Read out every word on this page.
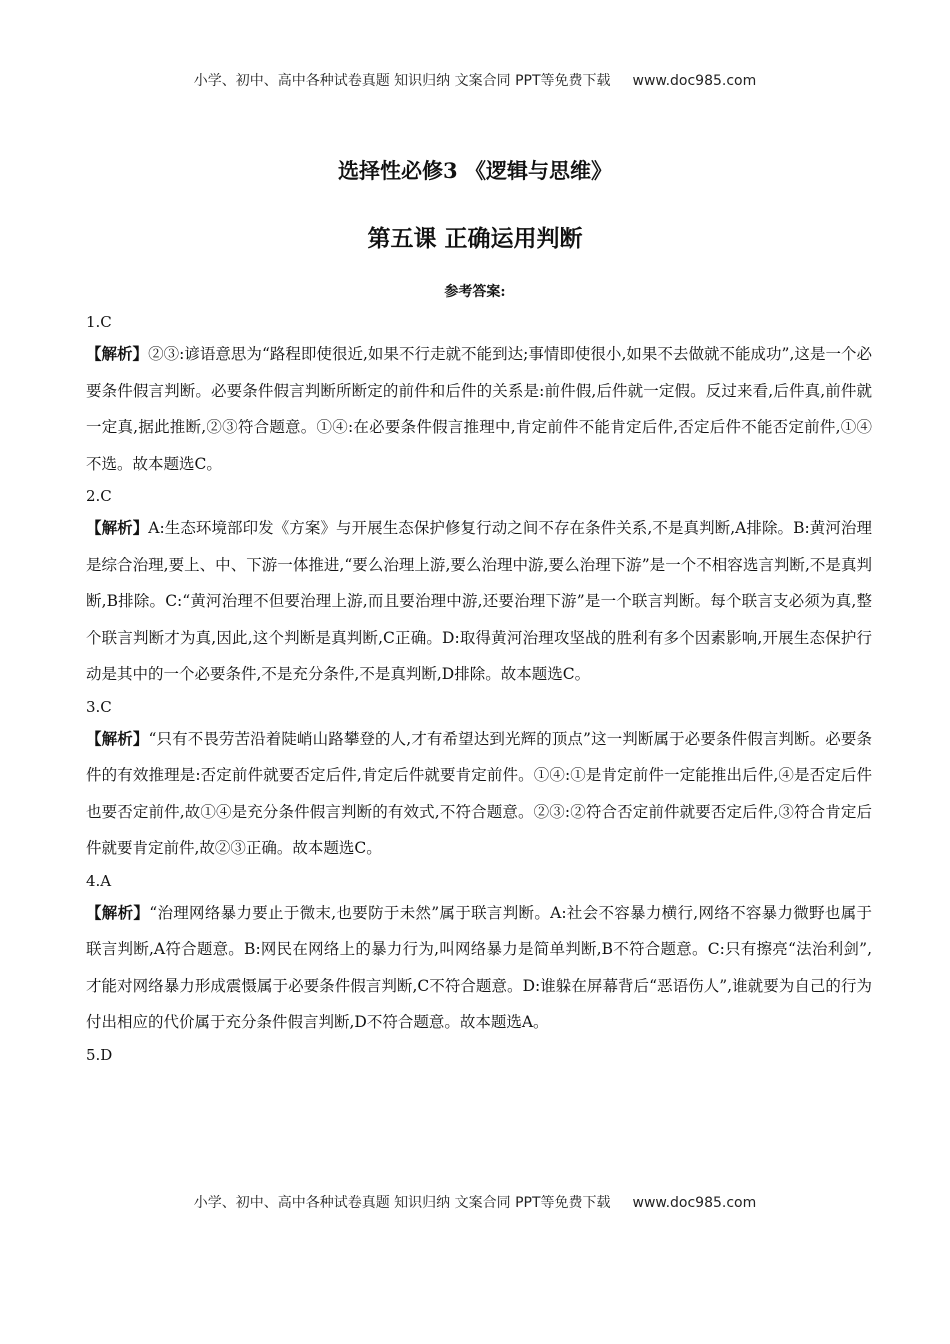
小学、初中、高中各种试卷真题 知识归纳 文案合同 PPT等免费下载 www.doc985.com
选择性必修3 《逻辑与思维》
第五课 正确运用判断
参考答案:
1.C
【解析】②③:谚语意思为“路程即使很近,如果不行走就不能到达;事情即使很小,如果不去做就不能成功”,这是一个必要条件假言判断。必要条件假言判断所断定的前件和后件的关系是:前件假,后件就一定假。反过来看,后件真,前件就一定真,据此推断,②③符合题意。①④:在必要条件假言推理中,肯定前件不能肯定后件,否定后件不能否定前件,①④不选。故本题选C。
2.C
【解析】A:生态环境部印发《方案》与开展生态保护修复行动之间不存在条件关系,不是真判断,A排除。B:黄河治理是综合治理,要上、中、下游一体推进,“要么治理上游,要么治理中游,要么治理下游”是一个不相容选言判断,不是真判断,B排除。C:“黄河治理不但要治理上游,而且要治理中游,还要治理下游”是一个联言判断。每个联言支必须为真,整个联言判断才为真,因此,这个判断是真判断,C正确。D:取得黄河治理攻坚战的胜利有多个因素影响,开展生态保护行动是其中的一个必要条件,不是充分条件,不是真判断,D排除。故本题选C。
3.C
【解析】“只有不畏劳苦沿着陡峭山路攀登的人,才有希望达到光辉的顶点”这一判断属于必要条件假言判断。必要条件的有效推理是:否定前件就要否定后件,肯定后件就要肯定前件。①④:①是肯定前件一定能推出后件,④是否定后件也要否定前件,故①④是充分条件假言判断的有效式,不符合题意。②③:②符合否定前件就要否定后件,③符合肯定后件就要肯定前件,故②③正确。故本题选C。
4.A
【解析】“治理网络暴力要止于微末,也要防于未然”属于联言判断。A:社会不容暴力横行,网络不容暴力微野也属于联言判断,A符合题意。B:网民在网络上的暴力行为,叫网络暴力是简单判断,B不符合题意。C:只有擦亮“法治利剑”,才能对网络暴力形成震慑属于必要条件假言判断,C不符合题意。D:谁躲在屏幕背后“恶语伤人”,谁就要为自己的行为付出相应的代价属于充分条件假言判断,D不符合题意。故本题选A。
5.D
小学、初中、高中各种试卷真题 知识归纳 文案合同 PPT等免费下载 www.doc985.com
